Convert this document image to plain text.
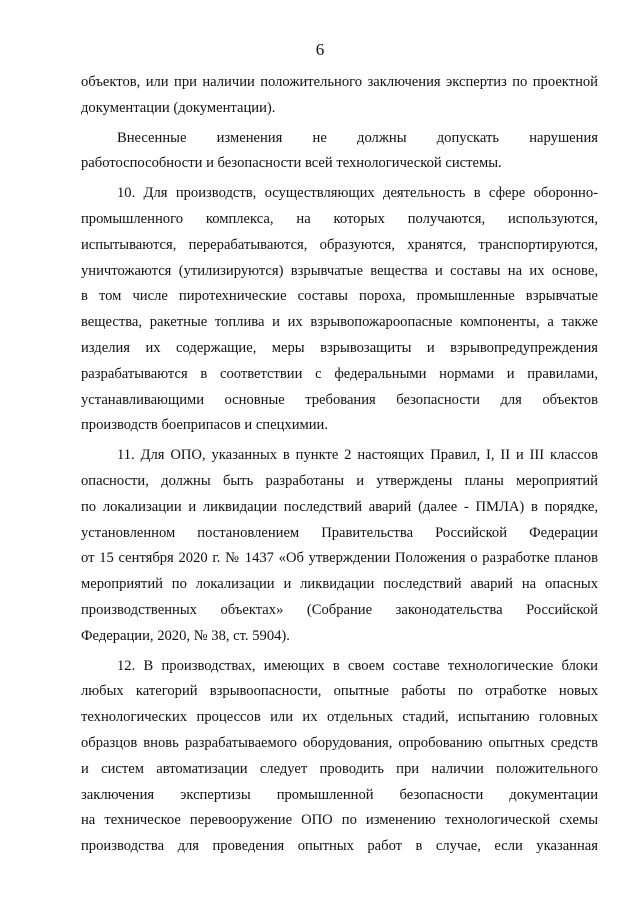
6
объектов, или при наличии положительного заключения экспертиз по проектной
документации (документации).
Внесенные изменения не должны допускать нарушения
работоспособности и безопасности всей технологической системы.
10. Для производств, осуществляющих деятельность в сфере оборонно-
промышленного комплекса, на которых получаются, используются,
испытываются, перерабатываются, образуются, хранятся, транспортируются,
уничтожаются (утилизируются) взрывчатые вещества и составы на их основе,
в том числе пиротехнические составы пороха, промышленные взрывчатые
вещества, ракетные топлива и их взрывопожароопасные компоненты, а также
изделия их содержащие, меры взрывозащиты и взрывопредупреждения
разрабатываются в соответствии с федеральными нормами и правилами,
устанавливающими основные требования безопасности для объектов
производств боеприпасов и спецхимии.
11. Для ОПО, указанных в пункте 2 настоящих Правил, I, II и III классов
опасности, должны быть разработаны и утверждены планы мероприятий
по локализации и ликвидации последствий аварий (далее - ПМЛА) в порядке,
установленном постановлением Правительства Российской Федерации
от 15 сентября 2020 г. № 1437 «Об утверждении Положения о разработке планов
мероприятий по локализации и ликвидации последствий аварий на опасных
производственных объектах» (Собрание законодательства Российской
Федерации, 2020, № 38, ст. 5904).
12. В производствах, имеющих в своем составе технологические блоки
любых категорий взрывоопасности, опытные работы по отработке новых
технологических процессов или их отдельных стадий, испытанию головных
образцов вновь разрабатываемого оборудования, опробованию опытных средств
и систем автоматизации следует проводить при наличии положительного
заключения экспертизы промышленной безопасности документации
на техническое перевооружение ОПО по изменению технологической схемы
производства для проведения опытных работ в случае, если указанная
